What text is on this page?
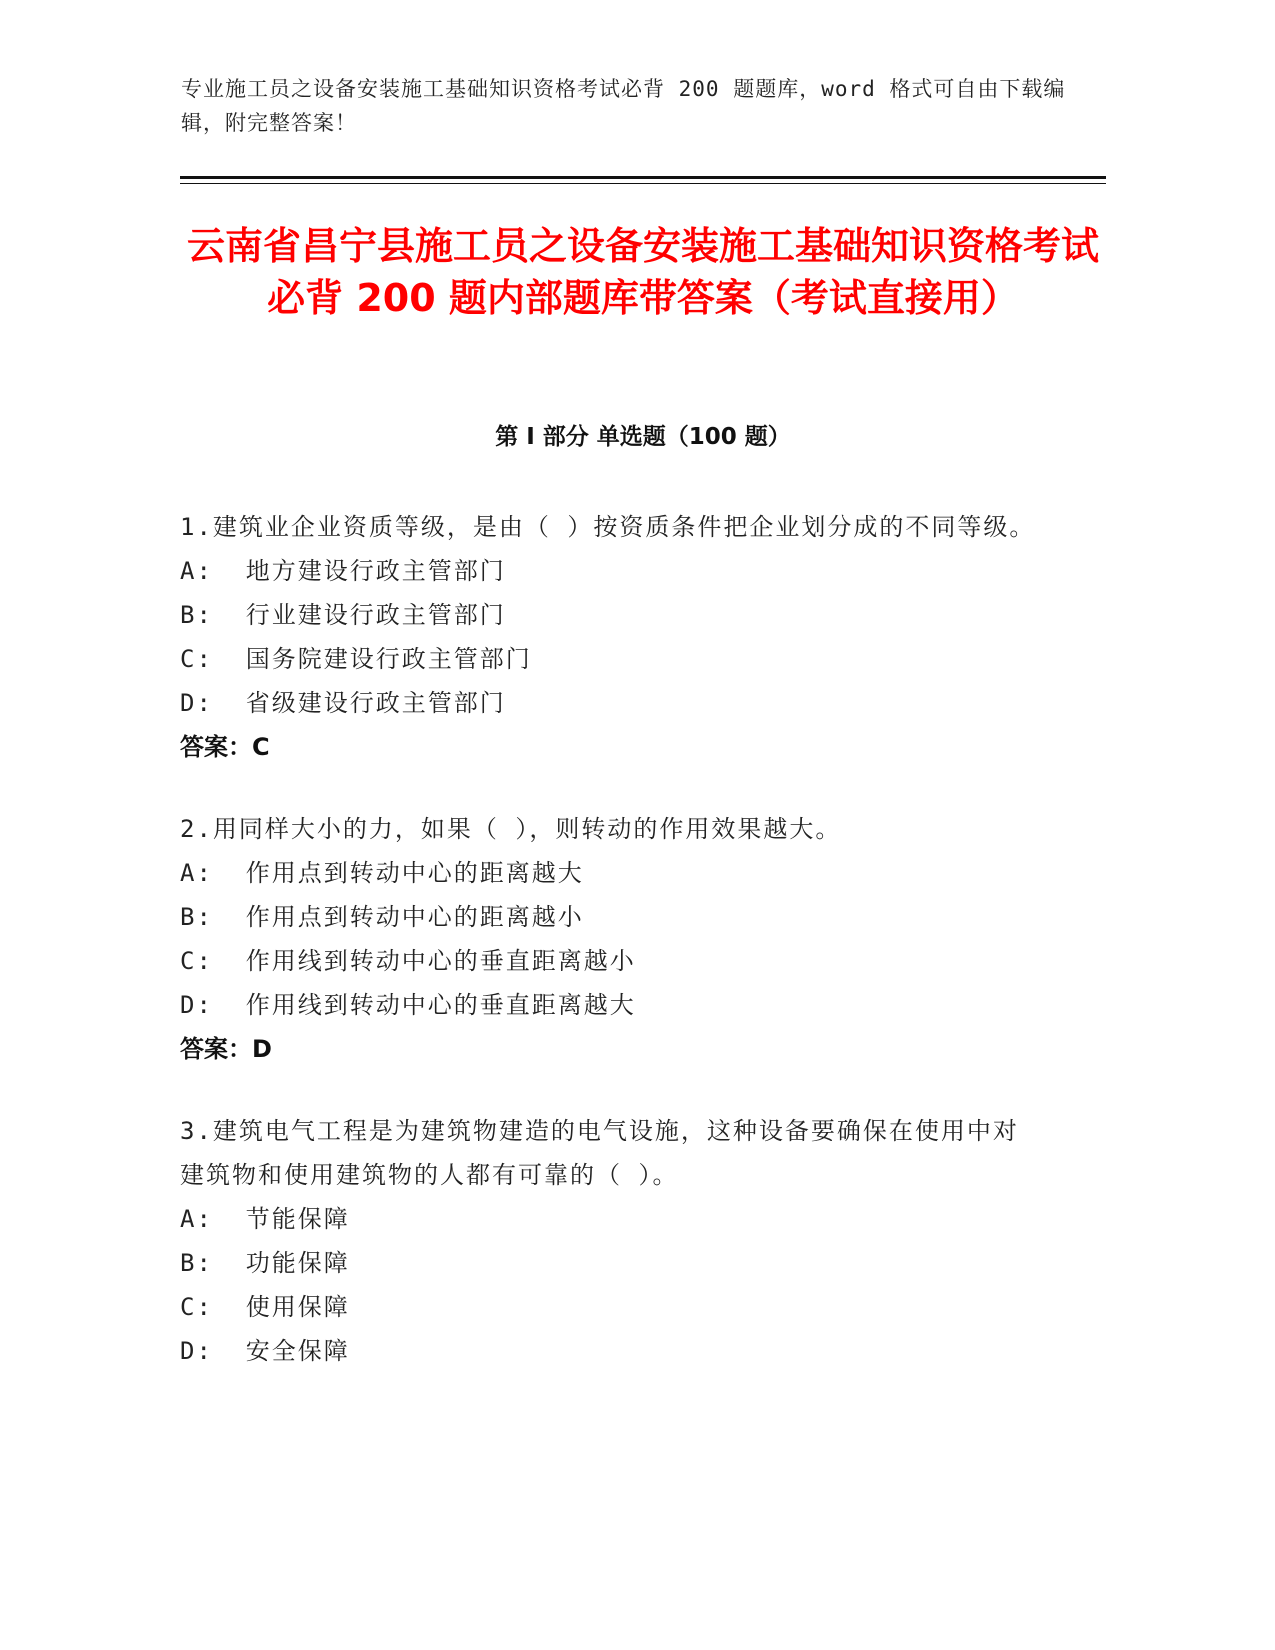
专业施工员之设备安装施工基础知识资格考试必背 200 题题库，word 格式可自由下载编辑，附完整答案！
云南省昌宁县施工员之设备安装施工基础知识资格考试必背 200 题内部题库带答案（考试直接用）
第 I 部分 单选题（100 题）
1.建筑业企业资质等级，是由（ ）按资质条件把企业划分成的不同等级。
A:  地方建设行政主管部门
B:  行业建设行政主管部门
C:  国务院建设行政主管部门
D:  省级建设行政主管部门
答案：C
2.用同样大小的力，如果（ ），则转动的作用效果越大。
A:  作用点到转动中心的距离越大
B:  作用点到转动中心的距离越小
C:  作用线到转动中心的垂直距离越小
D:  作用线到转动中心的垂直距离越大
答案：D
3.建筑电气工程是为建筑物建造的电气设施，这种设备要确保在使用中对建筑物和使用建筑物的人都有可靠的（ ）。
A:  节能保障
B:  功能保障
C:  使用保障
D:  安全保障
